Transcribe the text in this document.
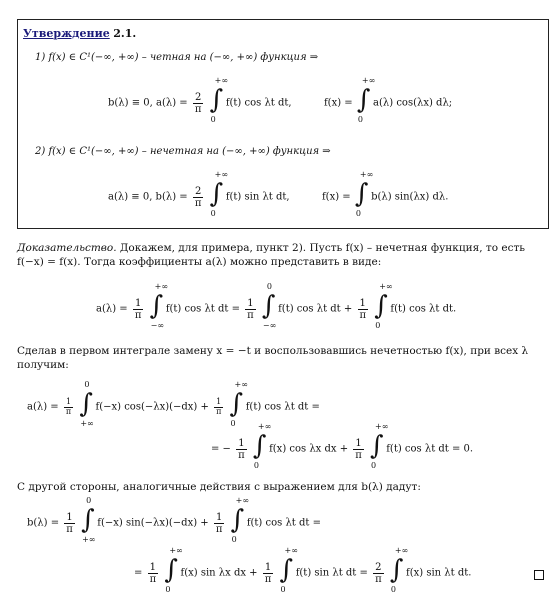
Утверждение 2.1.
1) f(x) ∈ C¹(−∞, +∞) – четная на (−∞, +∞) функция ⇒
b(λ) ≡ 0, $a(\lambda) = \frac{2}{\pi}$
∫
+∞
0
f(t) cos λt dt,	f(x) = ∫
+∞
0
a(λ) cos(λx) dλ;
2) f(x) ∈ C¹(−∞, +∞) – нечетная на (−∞, +∞) функция ⇒
a(λ) ≡ 0, $b(\lambda) = \frac{2}{\pi}$
∫
+∞
0
f(t) sin λt dt,	f(x) = ∫
+∞
0
b(λ) sin(λx) dλ.
Доказательство. Докажем, для примера, пункт 2). Пусть f(x) – нечетная функция, то есть
f(−x) = f(x). Тогда коэффициенты a(λ) можно представить в виде:
$a(\lambda) = \frac{1}{\pi}$
∫
+∞
−∞
f(t) cos λt dt = $\frac{1}{\pi}$
∫
0
−∞
f(t) cos λt dt + $\frac{1}{\pi}$
∫
+∞
0
f(t) cos λt dt.
Сделав в первом интеграле замену x = −t и воспользовавшись нечетностью f(x), при всех λ
получим:
$a(\lambda) = \frac{1}{\pi}$
∫
0
+∞
f(−x) $\cos(-\lambda x)(-dx) + \frac{1}{\pi}$
∫
+∞
0
f(t) cos λt dt =
= − $\frac{1}{\pi}$
∫
+∞
0
f(x) cos λx dx + $\frac{1}{\pi}$
∫
+∞
0
f(t) cos λt dt = 0.
С другой стороны, аналогичные действия с выражением для b(λ) дадут:
$b(\lambda) = \frac{1}{\pi}$
∫
0
+∞
f(−x) $\sin(-\lambda x)(-dx) + \frac{1}{\pi}$
∫
+∞
0
f(t) cos λt dt =
= $\frac{1}{\pi}$
∫
+∞
0
f(x) sin λx dx + $\frac{1}{\pi}$
∫
+∞
0
f(t) sin λt dt = $\frac{2}{\pi}$
∫
+∞
0
f(x) sin λt dt.
